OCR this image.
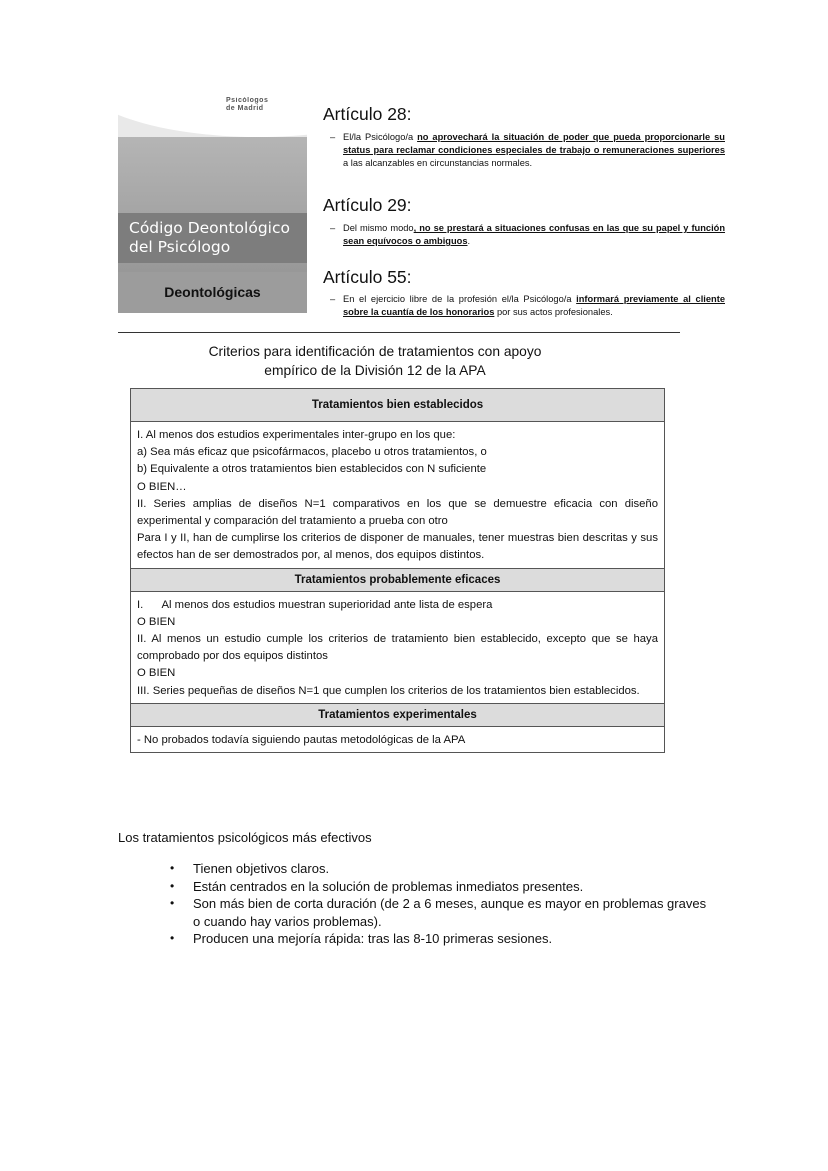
Psicólogos
de Madrid
Código Deontológico
del Psicólogo
Deontológicas
Artículo 28:
– El/la Psicólogo/a no aprovechará la situación de poder que pueda proporcionarle su status para reclamar condiciones especiales de trabajo o remuneraciones superiores a las alcanzables en circunstancias normales.
Artículo 29:
– Del mismo modo, no se prestará a situaciones confusas en las que su papel y función sean equívocos o ambiguos.
Artículo 55:
– En el ejercicio libre de la profesión el/la Psicólogo/a informará previamente al cliente sobre la cuantía de los honorarios por sus actos profesionales.
Criterios para identificación de tratamientos con apoyo
empírico de la División 12 de la APA
Tratamientos bien establecidos
I. Al menos dos estudios experimentales inter-grupo en los que:
a) Sea más eficaz que psicofármacos, placebo u otros tratamientos, o
b) Equivalente a otros tratamientos bien establecidos con N suficiente
O BIEN…
II. Series amplias de diseños N=1 comparativos en los que se demuestre eficacia con diseño experimental y comparación del tratamiento a prueba con otro
Para I y II, han de cumplirse los criterios de disponer de manuales, tener muestras bien descritas y sus efectos han de ser demostrados por, al menos, dos equipos distintos.
Tratamientos probablemente eficaces
I.      Al menos dos estudios muestran superioridad ante lista de espera
O BIEN
II. Al menos un estudio cumple los criterios de tratamiento bien establecido, excepto que se haya comprobado por dos equipos distintos
O BIEN
III. Series pequeñas de diseños N=1 que cumplen los criterios de los tratamientos bien establecidos.
Tratamientos experimentales
- No probados todavía siguiendo pautas metodológicas de la APA
Los tratamientos psicológicos más efectivos
• Tienen objetivos claros.
• Están centrados en la solución de problemas inmediatos presentes.
• Son más bien de corta duración (de 2 a 6 meses, aunque es mayor en problemas graves o cuando hay varios problemas).
• Producen una mejoría rápida: tras las 8-10 primeras sesiones.
